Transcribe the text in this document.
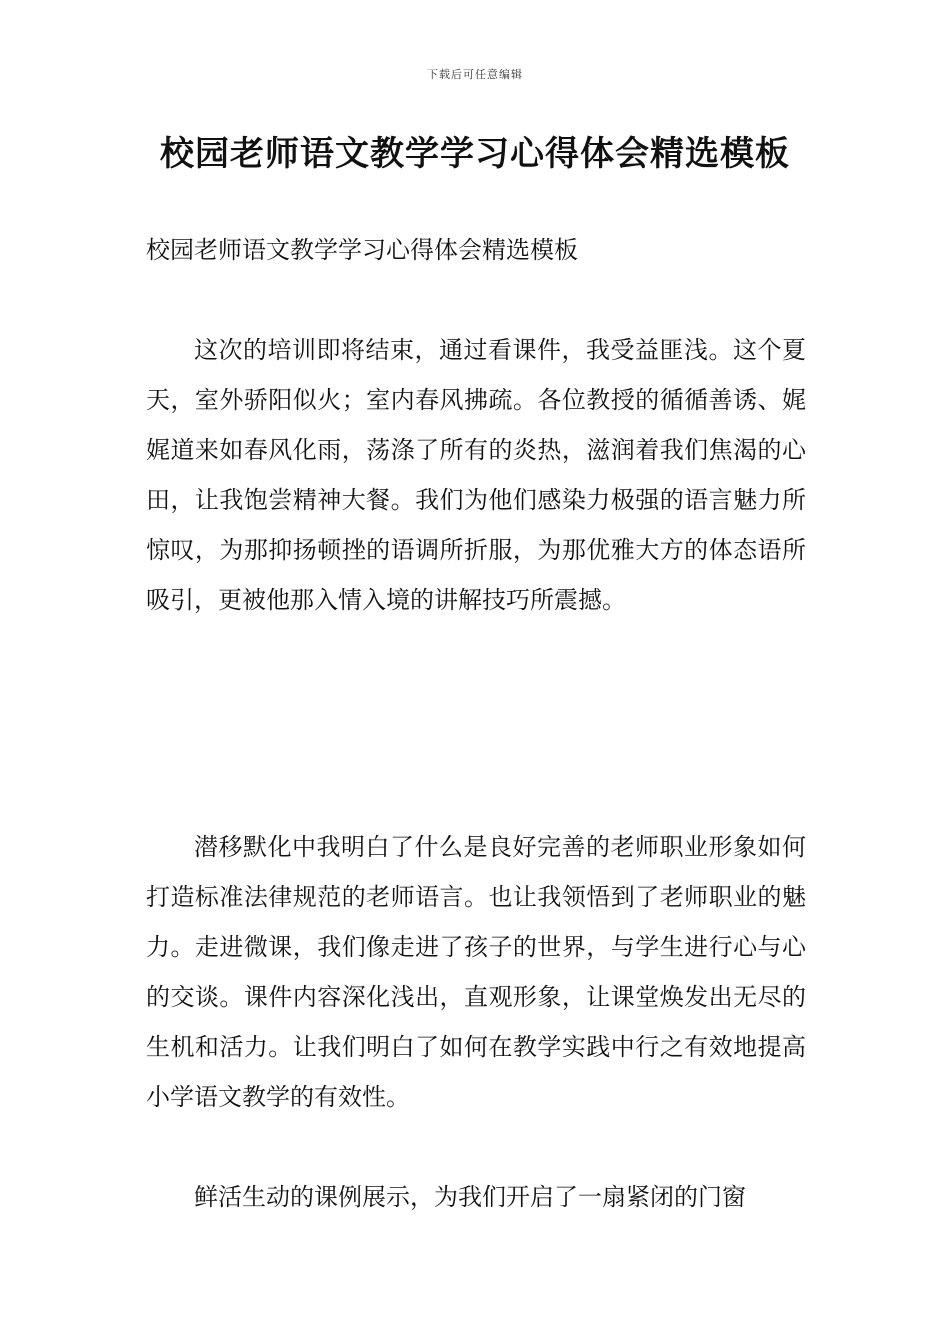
下载后可任意编辑
校园老师语文教学学习心得体会精选模板

校园老师语文教学学习心得体会精选模板

这次的培训即将结束，通过看课件，我受益匪浅。这个夏天，室外骄阳似火；室内春风拂疏。各位教授的循循善诱、娓娓道来如春风化雨，荡涤了所有的炎热，滋润着我们焦渴的心田，让我饱尝精神大餐。我们为他们感染力极强的语言魅力所惊叹，为那抑扬顿挫的语调所折服，为那优雅大方的体态语所吸引，更被他那入情入境的讲解技巧所震撼。

潜移默化中我明白了什么是良好完善的老师职业形象如何打造标准法律规范的老师语言。也让我领悟到了老师职业的魅力。走进微课，我们像走进了孩子的世界，与学生进行心与心的交谈。课件内容深化浅出，直观形象，让课堂焕发出无尽的生机和活力。让我们明白了如何在教学实践中行之有效地提高小学语文教学的有效性。

鲜活生动的课例展示，为我们开启了一扇紧闭的门窗
